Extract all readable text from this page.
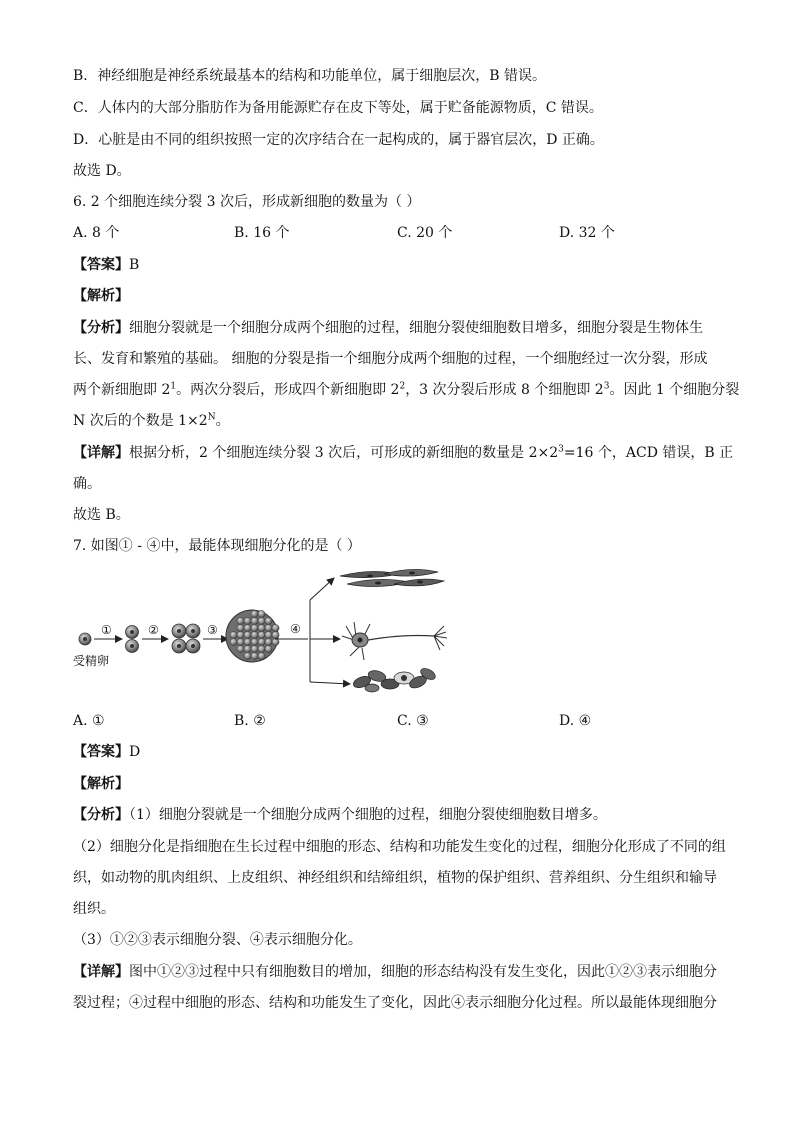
B．神经细胞是神经系统最基本的结构和功能单位，属于细胞层次，B 错误。
C．人体内的大部分脂肪作为备用能源贮存在皮下等处，属于贮备能源物质，C 错误。
D．心脏是由不同的组织按照一定的次序结合在一起构成的，属于器官层次，D 正确。
故选 D。
6. 2 个细胞连续分裂 3 次后，形成新细胞的数量为（ ）
A. 8 个	B. 16 个	C. 20 个	D. 32 个
【答案】B
【解析】
【分析】细胞分裂就是一个细胞分成两个细胞的过程，细胞分裂使细胞数目增多，细胞分裂是生物体生
长、发育和繁殖的基础。 细胞的分裂是指一个细胞分成两个细胞的过程，一个细胞经过一次分裂，形成
两个新细胞即 $2^1$。两次分裂后，形成四个新细胞即 $2^2$，3 次分裂后形成 8 个细胞即 $2^3$。因此 1 个细胞分裂
N 次后的个数是 $1\times 2^N$。
【详解】根据分析，2 个细胞连续分裂 3 次后，可形成的新细胞的数量是 $2\times 2^3=16$ 个，ACD 错误，B 正
确。
故选 B。
7. 如图① - ④中，最能体现细胞分化的是（ ）
①	②	③	④
受精卵
A. ①	B. ②	C. ③	D. ④
【答案】D
【解析】
【分析】（1）细胞分裂就是一个细胞分成两个细胞的过程，细胞分裂使细胞数目增多。
（2）细胞分化是指细胞在生长过程中细胞的形态、结构和功能发生变化的过程，细胞分化形成了不同的组
织，如动物的肌肉组织、上皮组织、神经组织和结缔组织，植物的保护组织、营养组织、分生组织和输导
组织。
（3）①②③表示细胞分裂、④表示细胞分化。
【详解】图中①②③过程中只有细胞数目的增加，细胞的形态结构没有发生变化，因此①②③表示细胞分
裂过程；④过程中细胞的形态、结构和功能发生了变化，因此④表示细胞分化过程。所以最能体现细胞分
